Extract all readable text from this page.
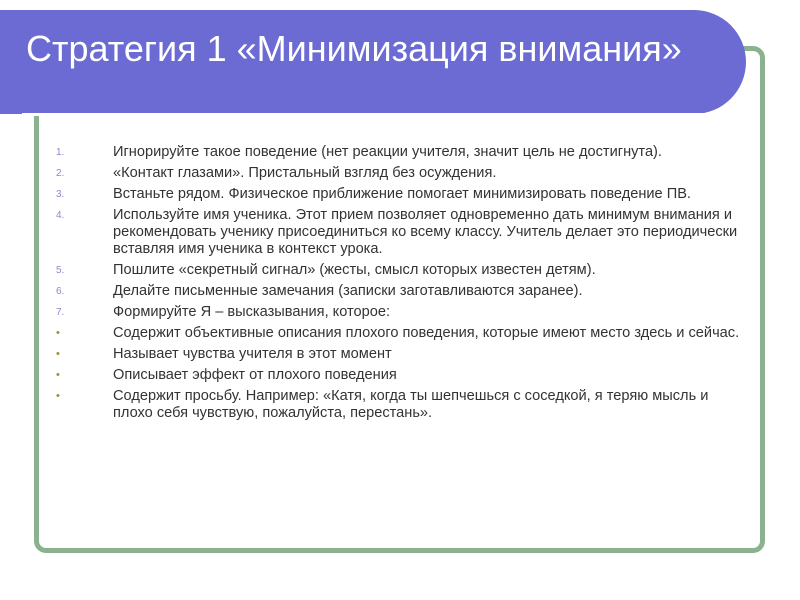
Стратегия 1 «Минимизация внимания»
1.	Игнорируйте такое поведение (нет реакции учителя, значит цель не достигнута).
2.	«Контакт глазами». Пристальный взгляд без осуждения.
3.	Встаньте рядом. Физическое приближение помогает минимизировать поведение ПВ.
4.	Используйте имя ученика. Этот прием позволяет одновременно дать минимум внимания и рекомендовать ученику присоединиться ко всему классу. Учитель делает это периодически вставляя имя ученика в контекст урока.
5.	Пошлите «секретный сигнал» (жесты, смысл которых известен детям).
6.	Делайте письменные замечания (записки заготавливаются заранее).
7.	Формируйте Я – высказывания, которое:
•	Содержит объективные описания плохого поведения, которые имеют место здесь и сейчас.
•	Называет чувства учителя в этот момент
•	Описывает эффект от плохого поведения
•	Содержит просьбу. Например: «Катя, когда ты шепчешься с соседкой, я теряю мысль и плохо себя чувствую, пожалуйста, перестань».
